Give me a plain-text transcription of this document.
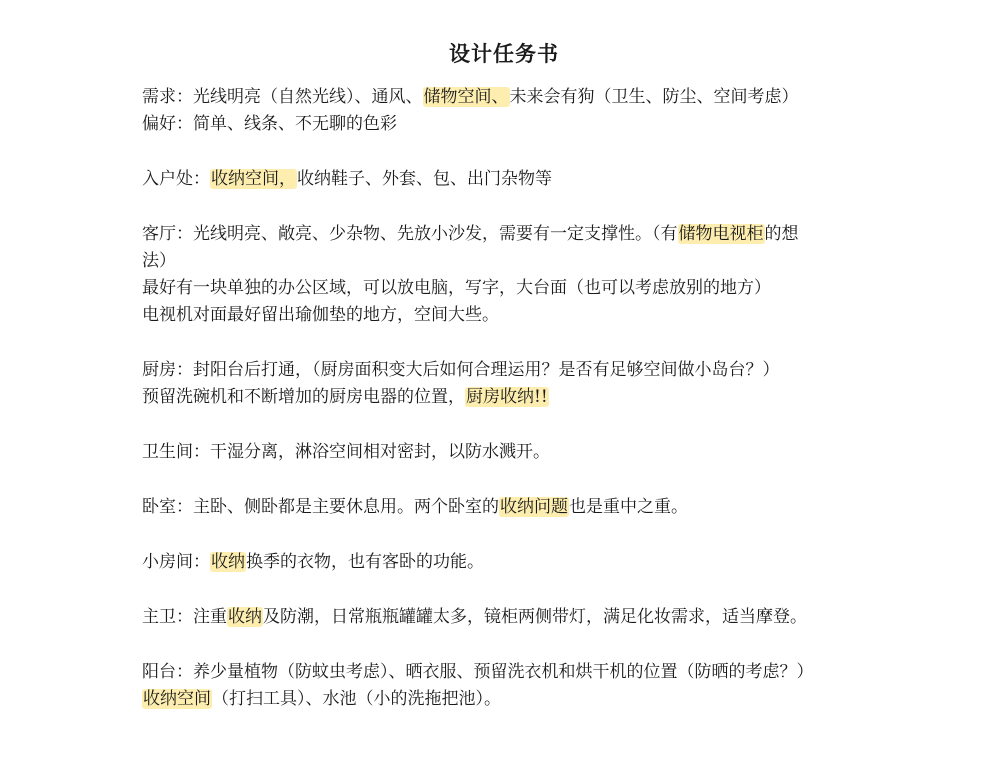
设计任务书
需求：光线明亮（自然光线）、通风、储物空间、未来会有狗（卫生、防尘、空间考虑）
偏好：简单、线条、不无聊的色彩
入户处：收纳空间，收纳鞋子、外套、包、出门杂物等
客厅：光线明亮、敞亮、少杂物、先放小沙发，需要有一定支撑性。（有储物电视柜的想
法）
最好有一块单独的办公区域，可以放电脑，写字，大台面（也可以考虑放别的地方）
电视机对面最好留出瑜伽垫的地方，空间大些。
厨房：封阳台后打通，（厨房面积变大后如何合理运用？是否有足够空间做小岛台？）
预留洗碗机和不断增加的厨房电器的位置，厨房收纳!!
卫生间：干湿分离，淋浴空间相对密封，以防水溅开。
卧室：主卧、侧卧都是主要休息用。两个卧室的收纳问题也是重中之重。
小房间：收纳换季的衣物，也有客卧的功能。
主卫：注重收纳及防潮，日常瓶瓶罐罐太多，镜柜两侧带灯，满足化妆需求，适当摩登。
阳台：养少量植物（防蚊虫考虑）、晒衣服、预留洗衣机和烘干机的位置（防晒的考虑？）
收纳空间（打扫工具）、水池（小的洗拖把池）。
